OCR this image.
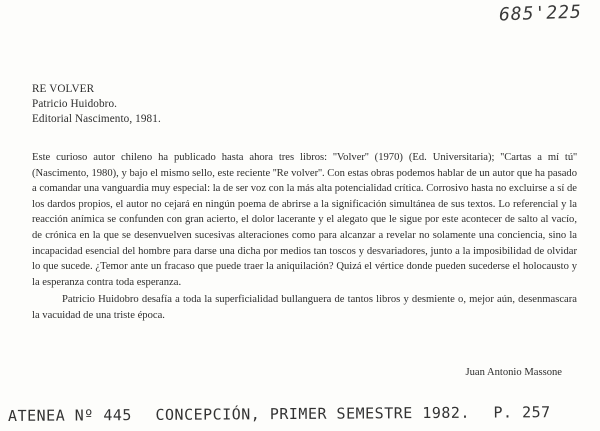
685'225
RE VOLVER
Patricio Huidobro.
Editorial Nascimento, 1981.

Este curioso autor chileno ha publicado hasta ahora tres libros: ''Volver'' (1970) (Ed. Universitaria); ''Cartas a mí tú'' (Nascimento, 1980), y bajo el mismo sello, este reciente ''Re volver''. Con estas obras podemos hablar de un autor que ha pasado a comandar una vanguardia muy especial: la de ser voz con la más alta potencialidad crítica. Corrosivo hasta no excluirse a sí de los dardos propios, el autor no cejará en ningún poema de abrirse a la significación simultánea de sus textos. Lo referencial y la reacción anímica se confunden con gran acierto, el dolor lacerante y el alegato que le sigue por este acontecer de salto al vacío, de crónica en la que se desenvuelven sucesivas alteraciones como para alcanzar a revelar no solamente una conciencia, sino la incapacidad esencial del hombre para darse una dicha por medios tan toscos y desvariadores, junto a la imposibilidad de olvidar lo que sucede. ¿Temor ante un fracaso que puede traer la aniquilación? Quizá el vértice donde pueden sucederse el holocausto y la esperanza contra toda esperanza.

Patricio Huidobro desafía a toda la superficialidad bullanguera de tantos libros y desmiente o, mejor aún, desenmascara la vacuidad de una triste época.

Juan Antonio Massone
ATENEA Nº 445 CONCEPCIÓN, PRIMER SEMESTRE 1982. P. 257
